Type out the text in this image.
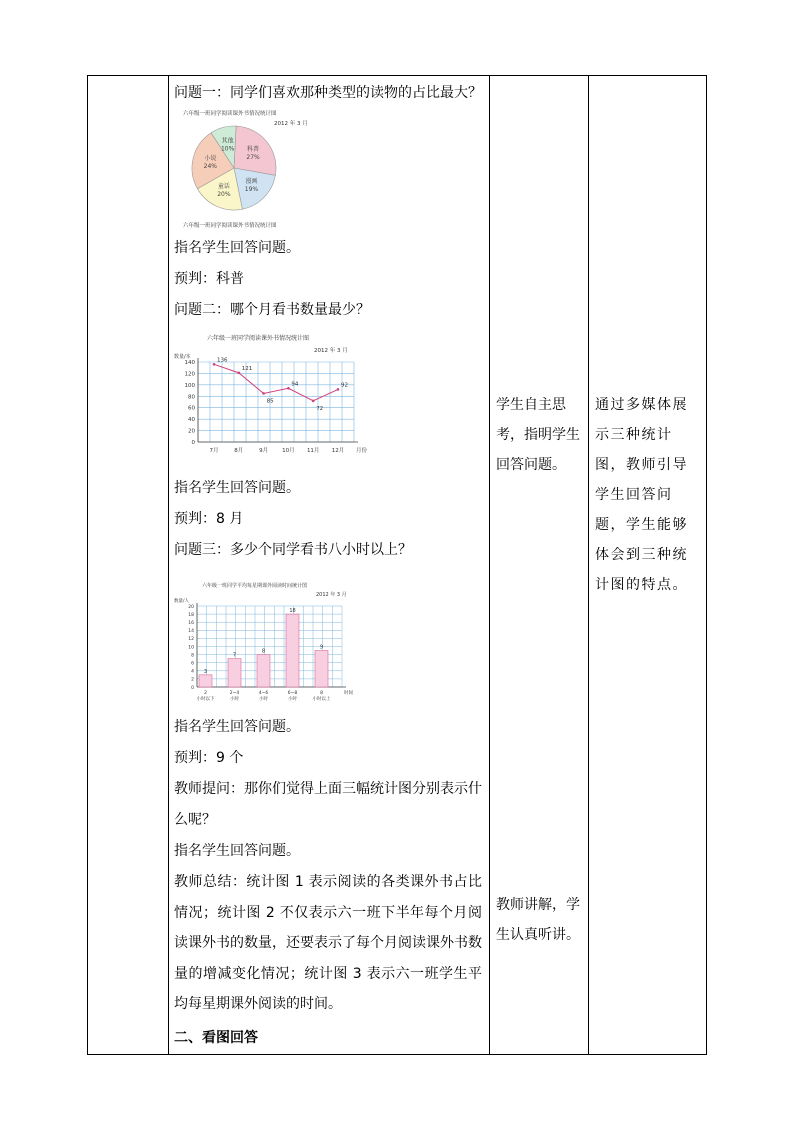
问题一：同学们喜欢那种类型的读物的占比最大？
六年级一班同学阅读课外书情况统计图
2012 年 3 月
科普
27%
漫画
19%
童话
20%
小说
24%
其他
10%
六年级一班同学阅读课外书情况统计图
指名学生回答问题。
预判：科普
问题二：哪个月看书数量最少？
六年级一班同学阅读课外书情况统计图
2012 年 3 月
数量/本
0
20
40
60
80
100
120
140	136
7月
121
8月
85
9月
94
10月
72
11月
92
12月 月份
指名学生回答问题。
预判：8 月
问题三：多少个同学看书八小时以上？
六年级一班同学平均每星期课外阅读时间统计图
2012 年 3 月
数量/人
0
2
4
6
8
10
12
14
16
18
20
3
2
小时以下
7
2~4
小时
8
4~6
小时
18
6~8
小时
9
8
小时以上
时间
指名学生回答问题。
预判：9 个
教师提问：那你们觉得上面三幅统计图分别表示什么呢？
指名学生回答问题。
教师总结：统计图 1 表示阅读的各类课外书占比情况；统计图 2 不仅表示六一班下半年每个月阅读课外书的数量，还要表示了每个月阅读课外书数量的增减变化情况；统计图 3 表示六一班学生平均每星期课外阅读的时间。
二、看图回答
学生自主思考，指明学生回答问题。
教师讲解，学生认真听讲。
通过多媒体展示三种统计图，教师引导学生回答问题，学生能够体会到三种统计图的特点。
